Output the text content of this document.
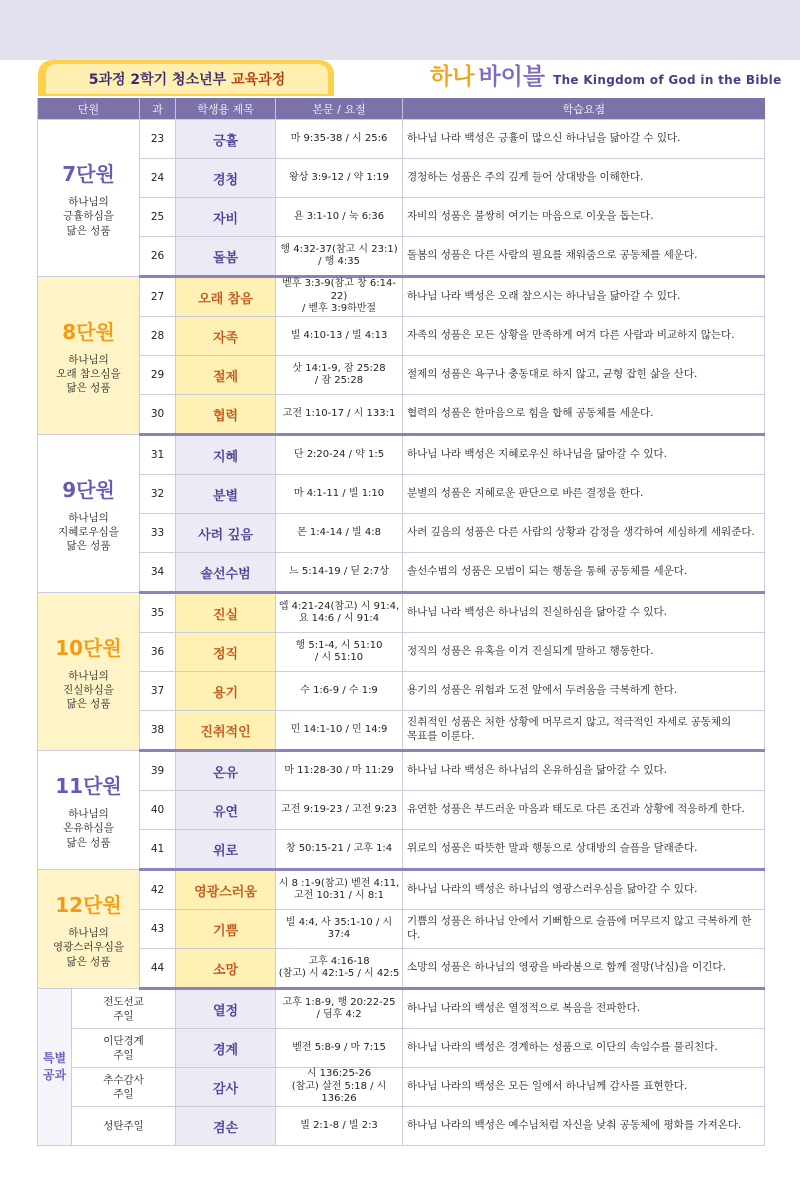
5과정 2학기 청소년부 교육과정	하나 바이블 The Kingdom of God in the Bible
단원		과	학생용 제목	본문 / 요절	학습요점

7단원
하나님의
긍휼하심을
닮은 성품		23	긍휼	마 9:35-38 / 시 25:6	하나님 나라 백성은 긍휼이 많으신 하나님을 닮아갈 수 있다.
		24	경청	왕상 3:9-12 / 약 1:19	경청하는 성품은 주의 깊게 들어 상대방을 이해한다.
		25	자비	욘 3:1-10 / 눅 6:36	자비의 성품은 불쌍히 여기는 마음으로 이웃을 돕는다.
		26	돌봄	행 4:32-37(참고 시 23:1)
/ 행 4:35	돌봄의 성품은 다른 사람의 필요를 채워줌으로 공동체를 세운다.

8단원
하나님의
오래 참으심을
닮은 성품		27	오래 참음	벧후 3:3-9(참고 창 6:14-22)
/ 벧후 3:9하반절	하나님 나라 백성은 오래 참으시는 하나님을 닮아갈 수 있다.
		28	자족	빌 4:10-13 / 빌 4:13	자족의 성품은 모든 상황을 만족하게 여겨 다른 사람과 비교하지 않는다.
		29	절제	삿 14:1-9, 잠 25:28
/ 잠 25:28	절제의 성품은 욕구나 충동대로 하지 않고, 균형 잡힌 삶을 산다.
		30	협력	고전 1:10-17 / 시 133:1	협력의 성품은 한마음으로 힘을 합해 공동체를 세운다.

9단원
하나님의
지혜로우심을
닮은 성품		31	지혜	단 2:20-24 / 약 1:5	하나님 나라 백성은 지혜로우신 하나님을 닮아갈 수 있다.
		32	분별	마 4:1-11 / 빌 1:10	분별의 성품은 지혜로운 판단으로 바른 결정을 한다.
		33	사려 깊음	몬 1:4-14 / 빌 4:8	사려 깊음의 성품은 다른 사람의 상황과 감정을 생각하여 세심하게 세워준다.
		34	솔선수범	느 5:14-19 / 딛 2:7상	솔선수범의 성품은 모범이 되는 행동을 통해 공동체를 세운다.

10단원
하나님의
진실하심을
닮은 성품		35	진실	엡 4:21-24(참고) 시 91:4,
요 14:6 / 시 91:4	하나님 나라 백성은 하나님의 진실하심을 닮아갈 수 있다.
		36	정직	행 5:1-4, 시 51:10
/ 시 51:10	정직의 성품은 유혹을 이겨 진실되게 말하고 행동한다.
		37	용기	수 1:6-9 / 수 1:9	용기의 성품은 위험과 도전 앞에서 두려움을 극복하게 한다.
		38	진취적인	민 14:1-10 / 민 14:9	진취적인 성품은 처한 상황에 머무르지 않고, 적극적인 자세로 공동체의
목표를 이룬다.

11단원
하나님의
온유하심을
닮은 성품		39	온유	마 11:28-30 / 마 11:29	하나님 나라 백성은 하나님의 온유하심을 닮아갈 수 있다.
		40	유연	고전 9:19-23 / 고전 9:23	유연한 성품은 부드러운 마음과 태도로 다른 조건과 상황에 적응하게 한다.
		41	위로	창 50:15-21 / 고후 1:4	위로의 성품은 따뜻한 말과 행동으로 상대방의 슬픔을 달래준다.

12단원
하나님의
영광스러우심을
닮은 성품		42	영광스러움	시 8 :1-9(참고) 벧전 4:11,
고전 10:31 / 시 8:1	하나님 나라의 백성은 하나님의 영광스러우심을 닮아갈 수 있다.
		43	기쁨	빌 4:4, 사 35:1-10 / 시 37:4	기쁨의 성품은 하나님 안에서 기뻐함으로 슬픔에 머무르지 않고 극복하게 한다.
		44	소망	고후 4:16-18
(참고) 시 42:1-5 / 시 42:5	소망의 성품은 하나님의 영광을 바라봄으로 함께 절망(낙심)을 이긴다.
특별
공과	전도선교
주일		열정	고후 1:8-9, 행 20:22-25
/ 딤후 4:2	하나님 나라의 백성은 열정적으로 복음을 전파한다.
	이단경계
주일		경계	벧전 5:8-9 / 마 7:15	하나님 나라의 백성은 경계하는 성품으로 이단의 속임수를 물리친다.
	추수감사
주일		감사	시 136:25-26
(참고) 살전 5:18 / 시 136:26	하나님 나라의 백성은 모든 일에서 하나님께 감사를 표현한다.
	성탄주일		겸손	빌 2:1-8 / 빌 2:3	하나님 나라의 백성은 예수님처럼 자신을 낮춰 공동체에 평화를 가져온다.
